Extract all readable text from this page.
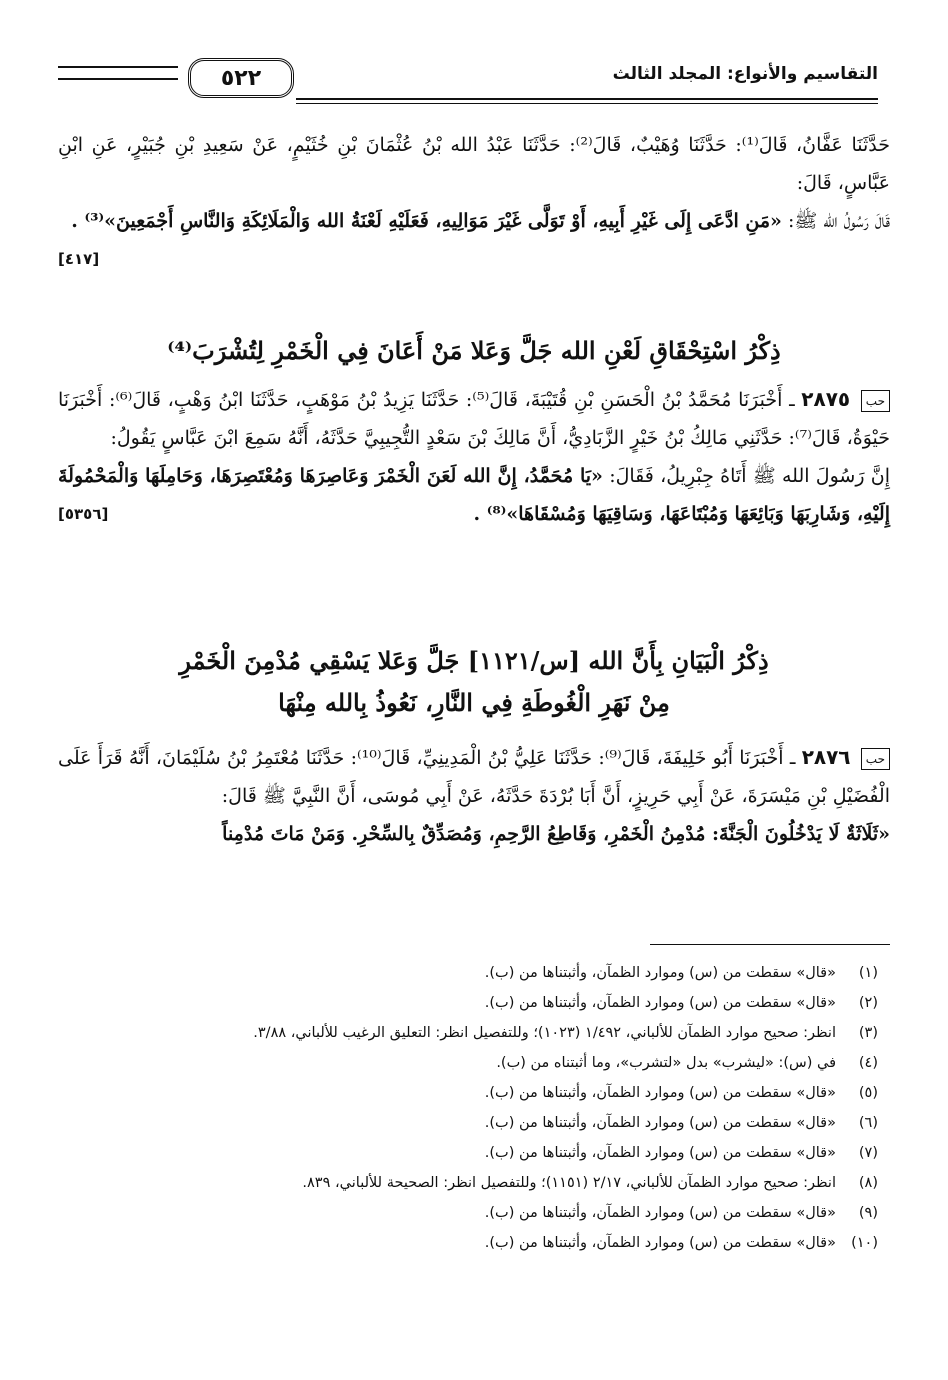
٥٢٢	التقاسيم والأنواع: المجلد الثالث

حَدَّثَنَا عَفَّانُ، قَالَ⁽¹⁾: حَدَّثَنَا وُهَيْبٌ، قَالَ⁽²⁾: حَدَّثَنَا عَبْدُ الله بْنُ عُثْمَانَ بْنِ خُثَيْمٍ، عَنْ سَعِيدِ بْنِ جُبَيْرٍ، عَنِ ابْنِ عَبَّاسٍ، قَالَ:

قَالَ رَسُولُ الله ﷺ: «مَنِ ادَّعَى إِلَى غَيْرِ أَبِيهِ، أَوْ تَوَلَّى غَيْرَ مَوَالِيهِ، فَعَلَيْهِ لَعْنَةُ الله وَالْمَلَائِكَةِ وَالنَّاسِ أَجْمَعِينَ»⁽³⁾ .
[٤١٧]

ذِكْرُ اسْتِحْقَاقِ لَعْنِ الله جَلَّ وَعَلا مَنْ أَعَانَ فِي الْخَمْرِ لِتُشْرَبَ⁽⁴⁾

حب ٢٨٧٥ ـ أَخْبَرَنَا مُحَمَّدُ بْنُ الْحَسَنِ بْنِ قُتَيْبَةَ، قَالَ⁽⁵⁾: حَدَّثَنَا يَزِيدُ بْنُ مَوْهَبٍ، حَدَّثَنَا ابْنُ وَهْبٍ، قَالَ⁽⁶⁾: أَخْبَرَنَا حَيْوَةُ، قَالَ⁽⁷⁾: حَدَّثَنِي مَالِكُ بْنُ خَيْرٍ الزَّبَادِيُّ، أَنَّ مَالِكَ بْنَ سَعْدٍ التُّجِيبِيَّ حَدَّثَهُ، أَنَّهُ سَمِعَ ابْنَ عَبَّاسٍ يَقُولُ:

إِنَّ رَسُولَ الله ﷺ أَتَاهُ جِبْرِيلُ، فَقَالَ: «يَا مُحَمَّدُ، إِنَّ الله لَعَنَ الْخَمْرَ وَعَاصِرَهَا وَمُعْتَصِرَهَا، وَحَامِلَهَا وَالْمَحْمُولَةَ إِلَيْهِ، وَشَارِبَهَا وَبَائِعَهَا وَمُبْتَاعَهَا، وَسَاقِيَهَا وَمُسْقَاهَا»⁽⁸⁾ .
[٥٣٥٦]

ذِكْرُ الْبَيَانِ بِأَنَّ الله [س/١١٢١] جَلَّ وَعَلا يَسْقِي مُدْمِنَ الْخَمْرِ
مِنْ نَهَرِ الْغُوطَةِ فِي النَّارِ، نَعُوذُ بِالله مِنْهَا

حب ٢٨٧٦ ـ أَخْبَرَنَا أَبُو خَلِيفَةَ، قَالَ⁽⁹⁾: حَدَّثَنَا عَلِيُّ بْنُ الْمَدِينِيِّ، قَالَ⁽¹⁰⁾: حَدَّثَنَا مُعْتَمِرُ بْنُ سُلَيْمَانَ، أَنَّهُ قَرَأَ عَلَى الْفُضَيْلِ بْنِ مَيْسَرَةَ، عَنْ أَبِي حَرِيزٍ، أَنَّ أَبَا بُرْدَةَ حَدَّثَهُ، عَنْ أَبِي مُوسَى، أَنَّ النَّبِيَّ ﷺ قَالَ:

«ثَلَاثَةٌ لَا يَدْخُلُونَ الْجَنَّةَ: مُدْمِنُ الْخَمْرِ، وَقَاطِعُ الرَّحِمِ، وَمُصَدِّقٌ بِالسِّحْرِ. وَمَنْ مَاتَ مُدْمِناً

(١)
«قال» سقطت من (س) وموارد الظمآن، وأثبتناها من (ب).
(٢)
«قال» سقطت من (س) وموارد الظمآن، وأثبتناها من (ب).
(٣)
انظر: صحيح موارد الظمآن للألباني، ١/٤٩٢ (١٠٢٣)؛ وللتفصيل انظر: التعليق الرغيب للألباني، ٣/٨٨.
(٤)
في (س): «ليشرب» بدل «لتشرب»، وما أثبتناه من (ب).
(٥)
«قال» سقطت من (س) وموارد الظمآن، وأثبتناها من (ب).
(٦)
«قال» سقطت من (س) وموارد الظمآن، وأثبتناها من (ب).
(٧)
«قال» سقطت من (س) وموارد الظمآن، وأثبتناها من (ب).
(٨)
انظر: صحيح موارد الظمآن للألباني، ٢/١٧ (١١٥١)؛ وللتفصيل انظر: الصحيحة للألباني، ٨٣٩.
(٩)
«قال» سقطت من (س) وموارد الظمآن، وأثبتناها من (ب).
(١٠)
«قال» سقطت من (س) وموارد الظمآن، وأثبتناها من (ب).
